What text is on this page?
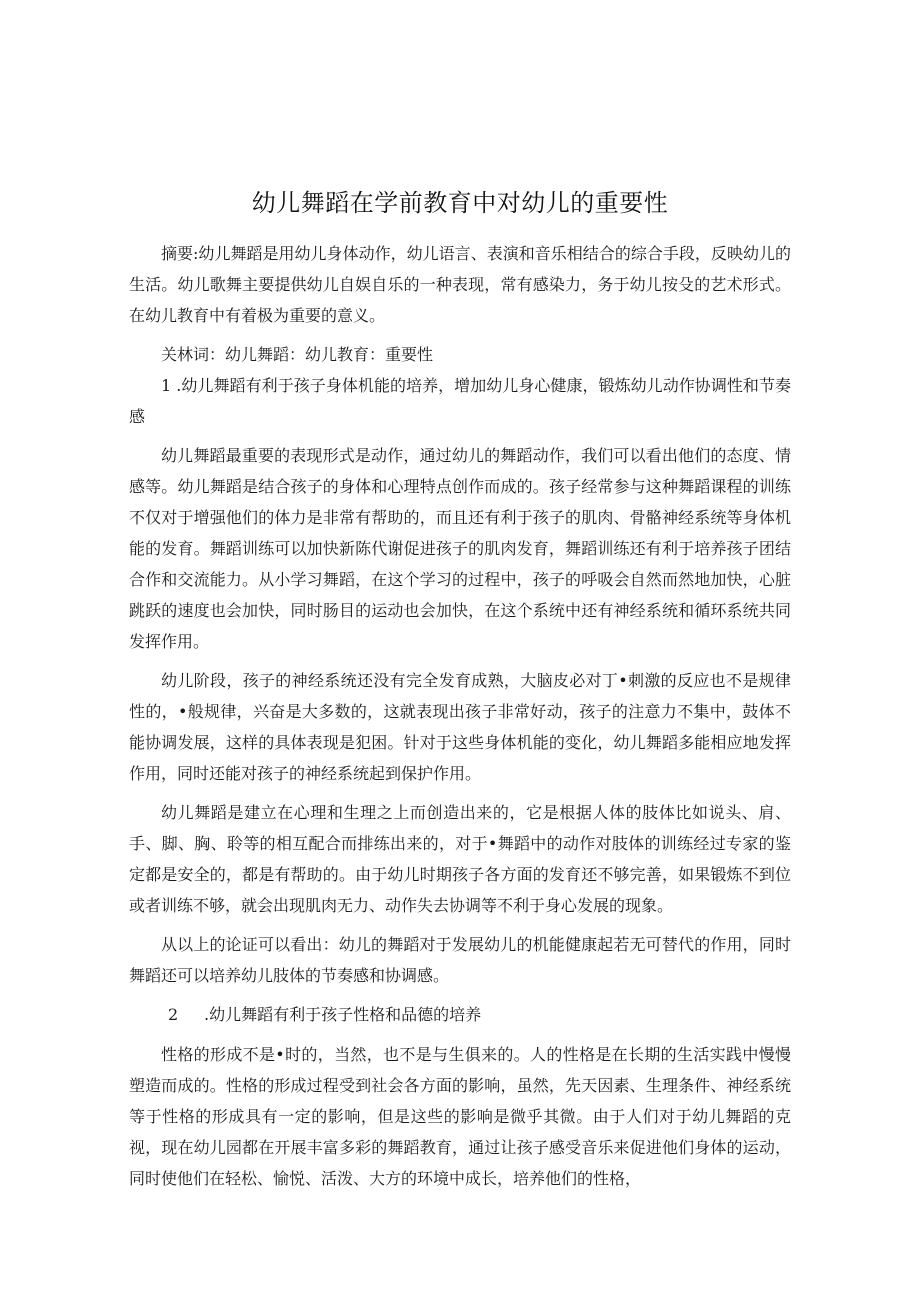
幼儿舞蹈在学前教育中对幼儿的重要性

摘要:幼儿舞蹈是用幼儿身体动作，幼儿语言、表演和音乐相结合的综合手段，反映幼儿的生活。幼儿歌舞主要提供幼儿自娱自乐的一种表现，常有感染力，务于幼儿按殳的艺术形式。在幼儿教育中有着极为重要的意义。

关林词：幼儿舞蹈：幼儿教育：重要性

1 .幼儿舞蹈有利于孩子身体机能的培养，增加幼儿身心健康，锻炼幼儿动作协调性和节奏感

幼儿舞蹈最重要的表现形式是动作，通过幼儿的舞蹈动作，我们可以看出他们的态度、情感等。幼儿舞蹈是结合孩子的身体和心理特点创作而成的。孩子经常参与这种舞蹈课程的训练不仅对于增强他们的体力是非常有帮助的，而且还有利于孩子的肌肉、骨骼神经系统等身体机能的发育。舞蹈训练可以加快新陈代谢促进孩子的肌肉发育，舞蹈训练还有利于培养孩子团结合作和交流能力。从小学习舞蹈，在这个学习的过程中，孩子的呼吸会自然而然地加快，心脏跳跃的速度也会加快，同时肠目的运动也会加快，在这个系统中还有神经系统和循环系统共同发挥作用。

幼儿阶段，孩子的神经系统还没有完全发育成熟，大脑皮必对丁•刺激的反应也不是规律性的，•般规律，兴奋是大多数的，这就表现出孩子非常好动，孩子的注意力不集中，鼓体不能协调发展，这样的具体表现是犯困。针对于这些身体机能的变化，幼儿舞蹈多能相应地发挥作用，同时还能对孩子的神经系统起到保护作用。

幼儿舞蹈是建立在心理和生理之上而创造出来的，它是根据人体的肢体比如说头、肩、手、脚、胸、聆等的相互配合而排练出来的，对于•舞蹈中的动作对肢体的训练经过专家的鉴定都是安全的，都是有帮助的。由于幼儿时期孩子各方面的发育还不够完善，如果锻炼不到位或者训练不够，就会出现肌肉无力、动作失去协调等不利于身心发展的现象。

从以上的论证可以看出：幼儿的舞蹈对于发展幼儿的机能健康起若无可替代的作用，同时舞蹈还可以培养幼儿肢体的节奏感和协调感。

2 .幼儿舞蹈有利于孩子性格和品德的培养

性格的形成不是•时的，当然，也不是与生俱来的。人的性格是在长期的生活实践中慢慢塑造而成的。性格的形成过程受到社会各方面的影响，虽然，先天因素、生理条件、神经系统等于性格的形成具有一定的影响，但是这些的影响是微乎其微。由于人们对于幼儿舞蹈的克视，现在幼儿园都在开展丰富多彩的舞蹈教育，通过让孩子感受音乐来促进他们身体的运动，同时使他们在轻松、愉悦、活泼、大方的环境中成长，培养他们的性格，
